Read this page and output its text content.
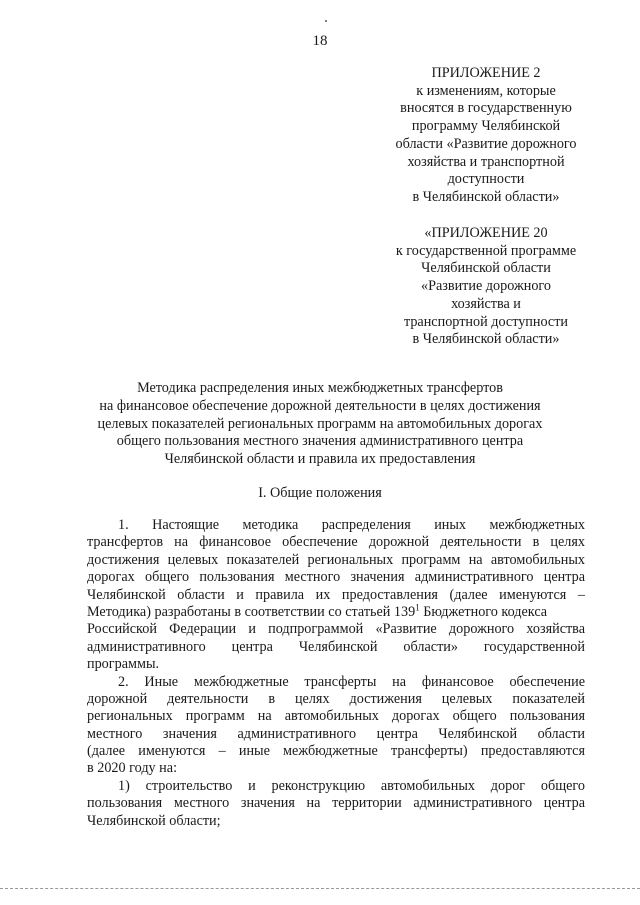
18
ПРИЛОЖЕНИЕ 2
к изменениям, которые
вносятся в государственную
программу Челябинской
области «Развитие дорожного
хозяйства и транспортной
доступности
в Челябинской области»
«ПРИЛОЖЕНИЕ 20
к государственной программе
Челябинской области
«Развитие дорожного
хозяйства и
транспортной доступности
в Челябинской области»
Методика распределения иных межбюджетных трансфертов
на финансовое обеспечение дорожной деятельности в целях достижения
целевых показателей региональных программ на автомобильных дорогах
общего пользования местного значения административного центра
Челябинской области и правила их предоставления
I. Общие положения
1. Настоящие методика распределения иных межбюджетных
трансфертов на финансовое обеспечение дорожной деятельности в целях
достижения целевых показателей региональных программ на автомобильных
дорогах общего пользования местного значения административного центра
Челябинской области и правила их предоставления (далее именуются –
Методика) разработаны в соответствии со статьей $139^1$ Бюджетного кодекса
Российской Федерации и подпрограммой «Развитие дорожного хозяйства
административного центра Челябинской области» государственной
программы.
2. Иные межбюджетные трансферты на финансовое обеспечение
дорожной деятельности в целях достижения целевых показателей
региональных программ на автомобильных дорогах общего пользования
местного значения административного центра Челябинской области
(далее именуются – иные межбюджетные трансферты) предоставляются
в 2020 году на:
1) строительство и реконструкцию автомобильных дорог общего
пользования местного значения на территории административного центра
Челябинской области;
